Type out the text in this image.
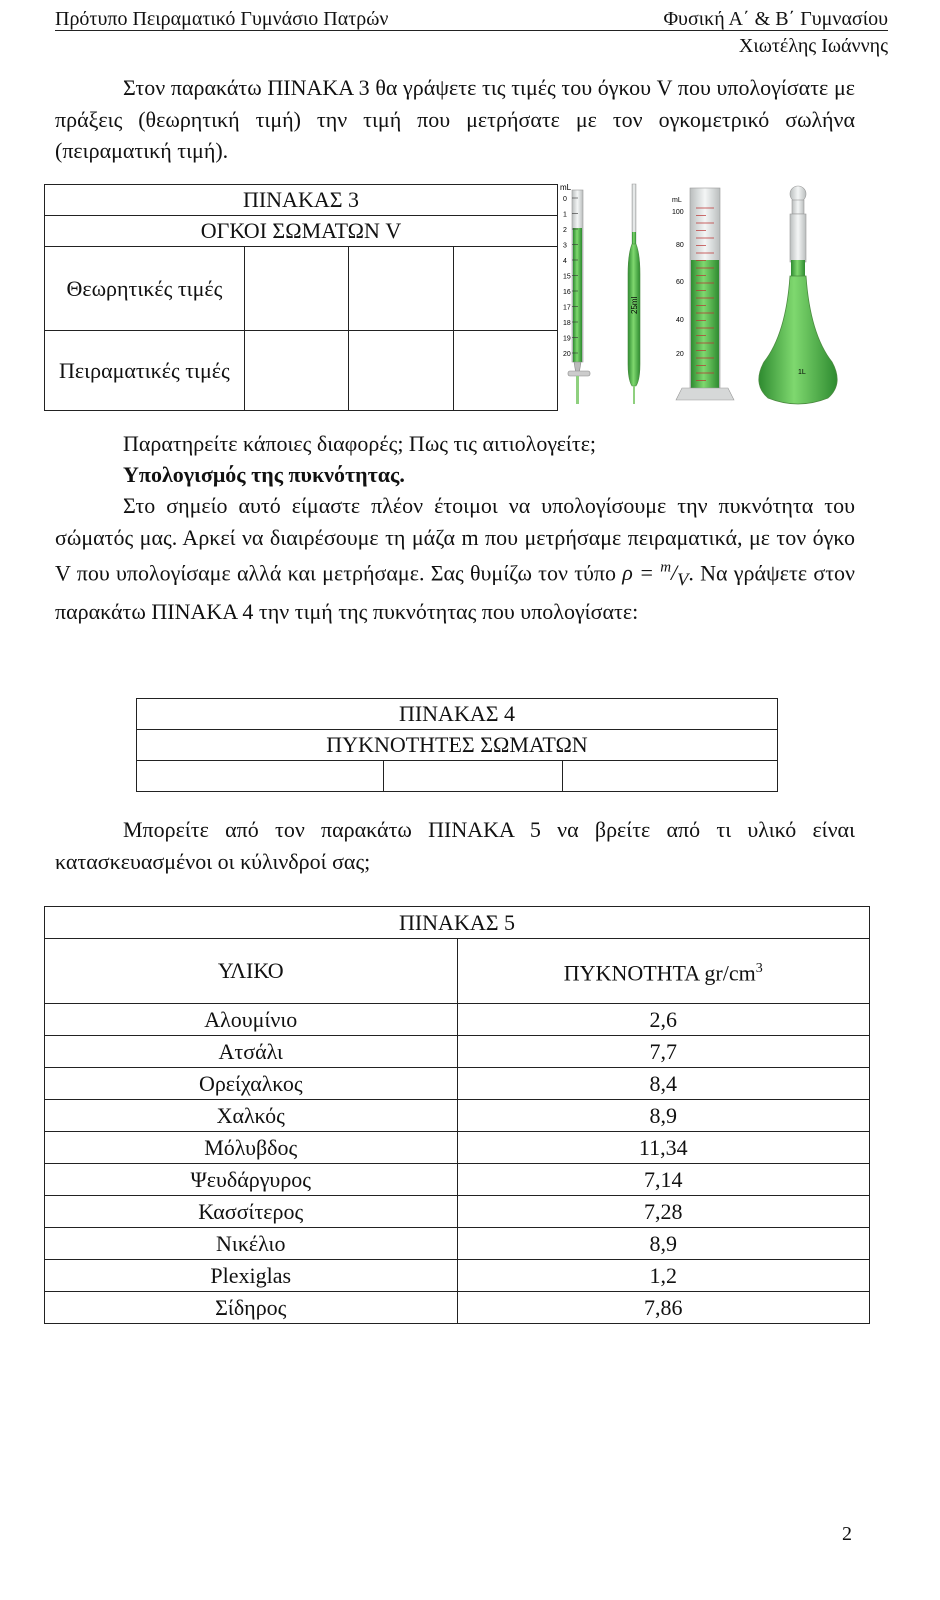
Πρότυπο Πειραματικό Γυμνάσιο Πατρών	Φυσική Α΄ & Β΄ Γυμνασίου
Χιωτέλης Ιωάννης
Στον παρακάτω ΠΙΝΑΚΑ 3 θα γράψετε τις τιμές του όγκου V που υπολογίσατε με πράξεις (θεωρητική τιμή) την τιμή που μετρήσατε με τον ογκομετρικό σωλήνα (πειραματική τιμή).
ΠΙΝΑΚΑΣ 3			
ΟΓΚΟΙ ΣΩΜΑΤΩΝ V			
Θεωρητικές τιμές			
Πειραματικές τιμές			
mL
0
1
2
3
4
15
16
17
18
19
20
25ml
mL
100
80
60
40
20
1L
Παρατηρείτε κάποιες διαφορές; Πως τις αιτιολογείτε;
Υπολογισμός της πυκνότητας.
Στο σημείο αυτό είμαστε πλέον έτοιμοι να υπολογίσουμε την πυκνότητα του σώματός μας. Αρκεί να διαιρέσουμε τη μάζα m που μετρήσαμε πειραματικά, με τον όγκο V που υπολογίσαμε αλλά και μετρήσαμε. Σας θυμίζω τον τύπο $\rho = ^m/_V$. Να γράψετε στον παρακάτω ΠΙΝΑΚΑ 4 την τιμή της πυκνότητας που υπολογίσατε:
ΠΙΝΑΚΑΣ 4
ΠΥΚΝΟΤΗΤΕΣ ΣΩΜΑΤΩΝ

Μπορείτε από τον παρακάτω ΠΙΝΑΚΑ 5 να βρείτε από τι υλικό είναι κατασκευασμένοι οι κύλινδροί σας;
ΠΙΝΑΚΑΣ 5	
ΥΛΙΚΟ	ΠΥΚΝΟΤΗΤΑ $gr/cm^3$
Αλουμίνιο	2,6
Ατσάλι	7,7
Ορείχαλκος	8,4
Χαλκός	8,9
Μόλυβδος	11,34
Ψευδάργυρος	7,14
Κασσίτερος	7,28
Νικέλιο	8,9
Plexiglas	1,2
Σίδηρος	7,86
2
